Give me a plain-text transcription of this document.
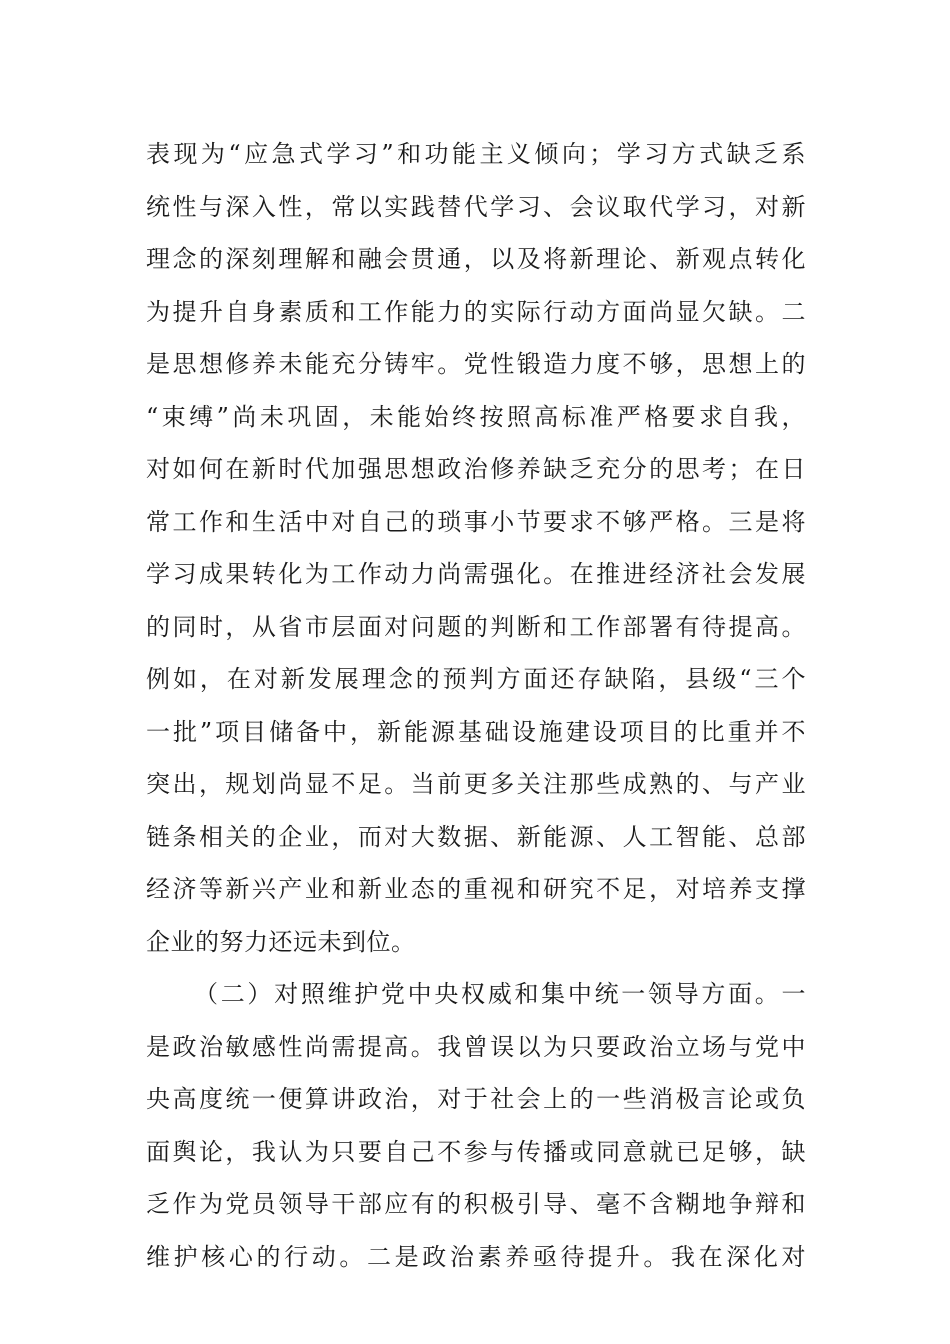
表现为“应急式学习”和功能主义倾向；学习方式缺乏系
统性与深入性，常以实践替代学习、会议取代学习，对新
理念的深刻理解和融会贯通，以及将新理论、新观点转化
为提升自身素质和工作能力的实际行动方面尚显欠缺。二
是思想修养未能充分铸牢。党性锻造力度不够，思想上的
“束缚”尚未巩固，未能始终按照高标准严格要求自我，
对如何在新时代加强思想政治修养缺乏充分的思考；在日
常工作和生活中对自己的琐事小节要求不够严格。三是将
学习成果转化为工作动力尚需强化。在推进经济社会发展
的同时，从省市层面对问题的判断和工作部署有待提高。
例如，在对新发展理念的预判方面还存缺陷，县级“三个
一批”项目储备中，新能源基础设施建设项目的比重并不
突出，规划尚显不足。当前更多关注那些成熟的、与产业
链条相关的企业，而对大数据、新能源、人工智能、总部
经济等新兴产业和新业态的重视和研究不足，对培养支撑
企业的努力还远未到位。
（二）对照维护党中央权威和集中统一领导方面。一
是政治敏感性尚需提高。我曾误以为只要政治立场与党中
央高度统一便算讲政治，对于社会上的一些消极言论或负
面舆论，我认为只要自己不参与传播或同意就已足够，缺
乏作为党员领导干部应有的积极引导、毫不含糊地争辩和
维护核心的行动。二是政治素养亟待提升。我在深化对
